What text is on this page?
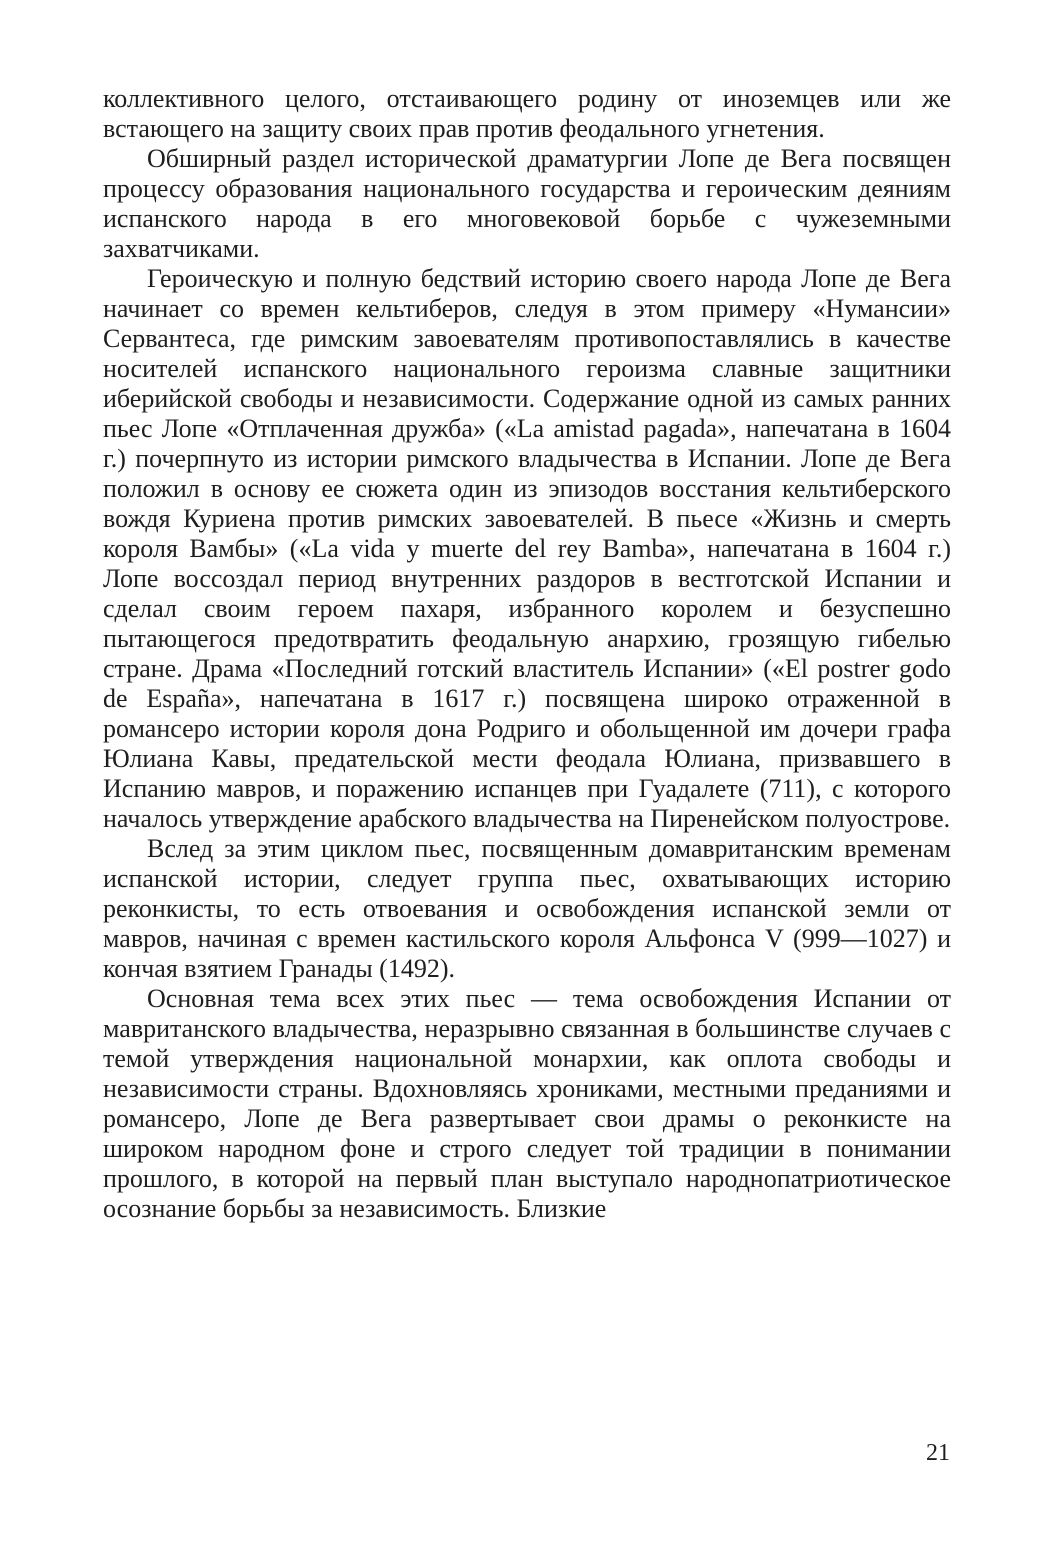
коллективного целого, отстаивающего родину от иноземцев или же встающего на защиту своих прав против феодального угнетения.

Обширный раздел исторической драматургии Лопе де Вега посвящен процессу образования национального государства и героическим деяниям испанского народа в его многовековой борьбе с чужеземными захватчиками.

Героическую и полную бедствий историю своего народа Лопе де Вега начинает со времен кельтиберов, следуя в этом примеру «Нумансии» Сервантеса, где римским завоевателям противопоставлялись в качестве носителей испанского национального героизма славные защитники иберийской свободы и независимости. Содержание одной из самых ранних пьес Лопе «Отплаченная дружба» («La amistad pagada», напечатана в 1604 г.) почерпнуто из истории римского владычества в Испании. Лопе де Вега положил в основу ее сюжета один из эпизодов восстания кельтиберского вождя Куриена против римских завоевателей. В пьесе «Жизнь и смерть короля Вамбы» («La vida y muerte del rey Bamba», напечатана в 1604 г.) Лопе воссоздал период внутренних раздоров в вестготской Испании и сделал своим героем пахаря, избранного королем и безуспешно пытающегося предотвратить феодальную анархию, грозящую гибелью стране. Драма «Последний готский властитель Испании» («El postrer godo de España», напечатана в 1617 г.) посвящена широко отраженной в романсеро истории короля дона Родриго и обольщенной им дочери графа Юлиана Кавы, предательской мести феодала Юлиана, призвавшего в Испанию мавров, и поражению испанцев при Гуадалете (711), с которого началось утверждение арабского владычества на Пиренейском полуострове.

Вслед за этим циклом пьес, посвященным домавританским временам испанской истории, следует группа пьес, охватывающих историю реконкисты, то есть отвоевания и освобождения испанской земли от мавров, начиная с времен кастильского короля Альфонса V (999—1027) и кончая взятием Гранады (1492).

Основная тема всех этих пьес — тема освобождения Испании от мавританского владычества, неразрывно связанная в большинстве случаев с темой утверждения национальной монархии, как оплота свободы и независимости страны. Вдохновляясь хрониками, местными преданиями и романсеро, Лопе де Вега развертывает свои драмы о реконкисте на широком народном фоне и строго следует той традиции в понимании прошлого, в которой на первый план выступало народнопатриотическое осознание борьбы за независимость. Близкие

21
